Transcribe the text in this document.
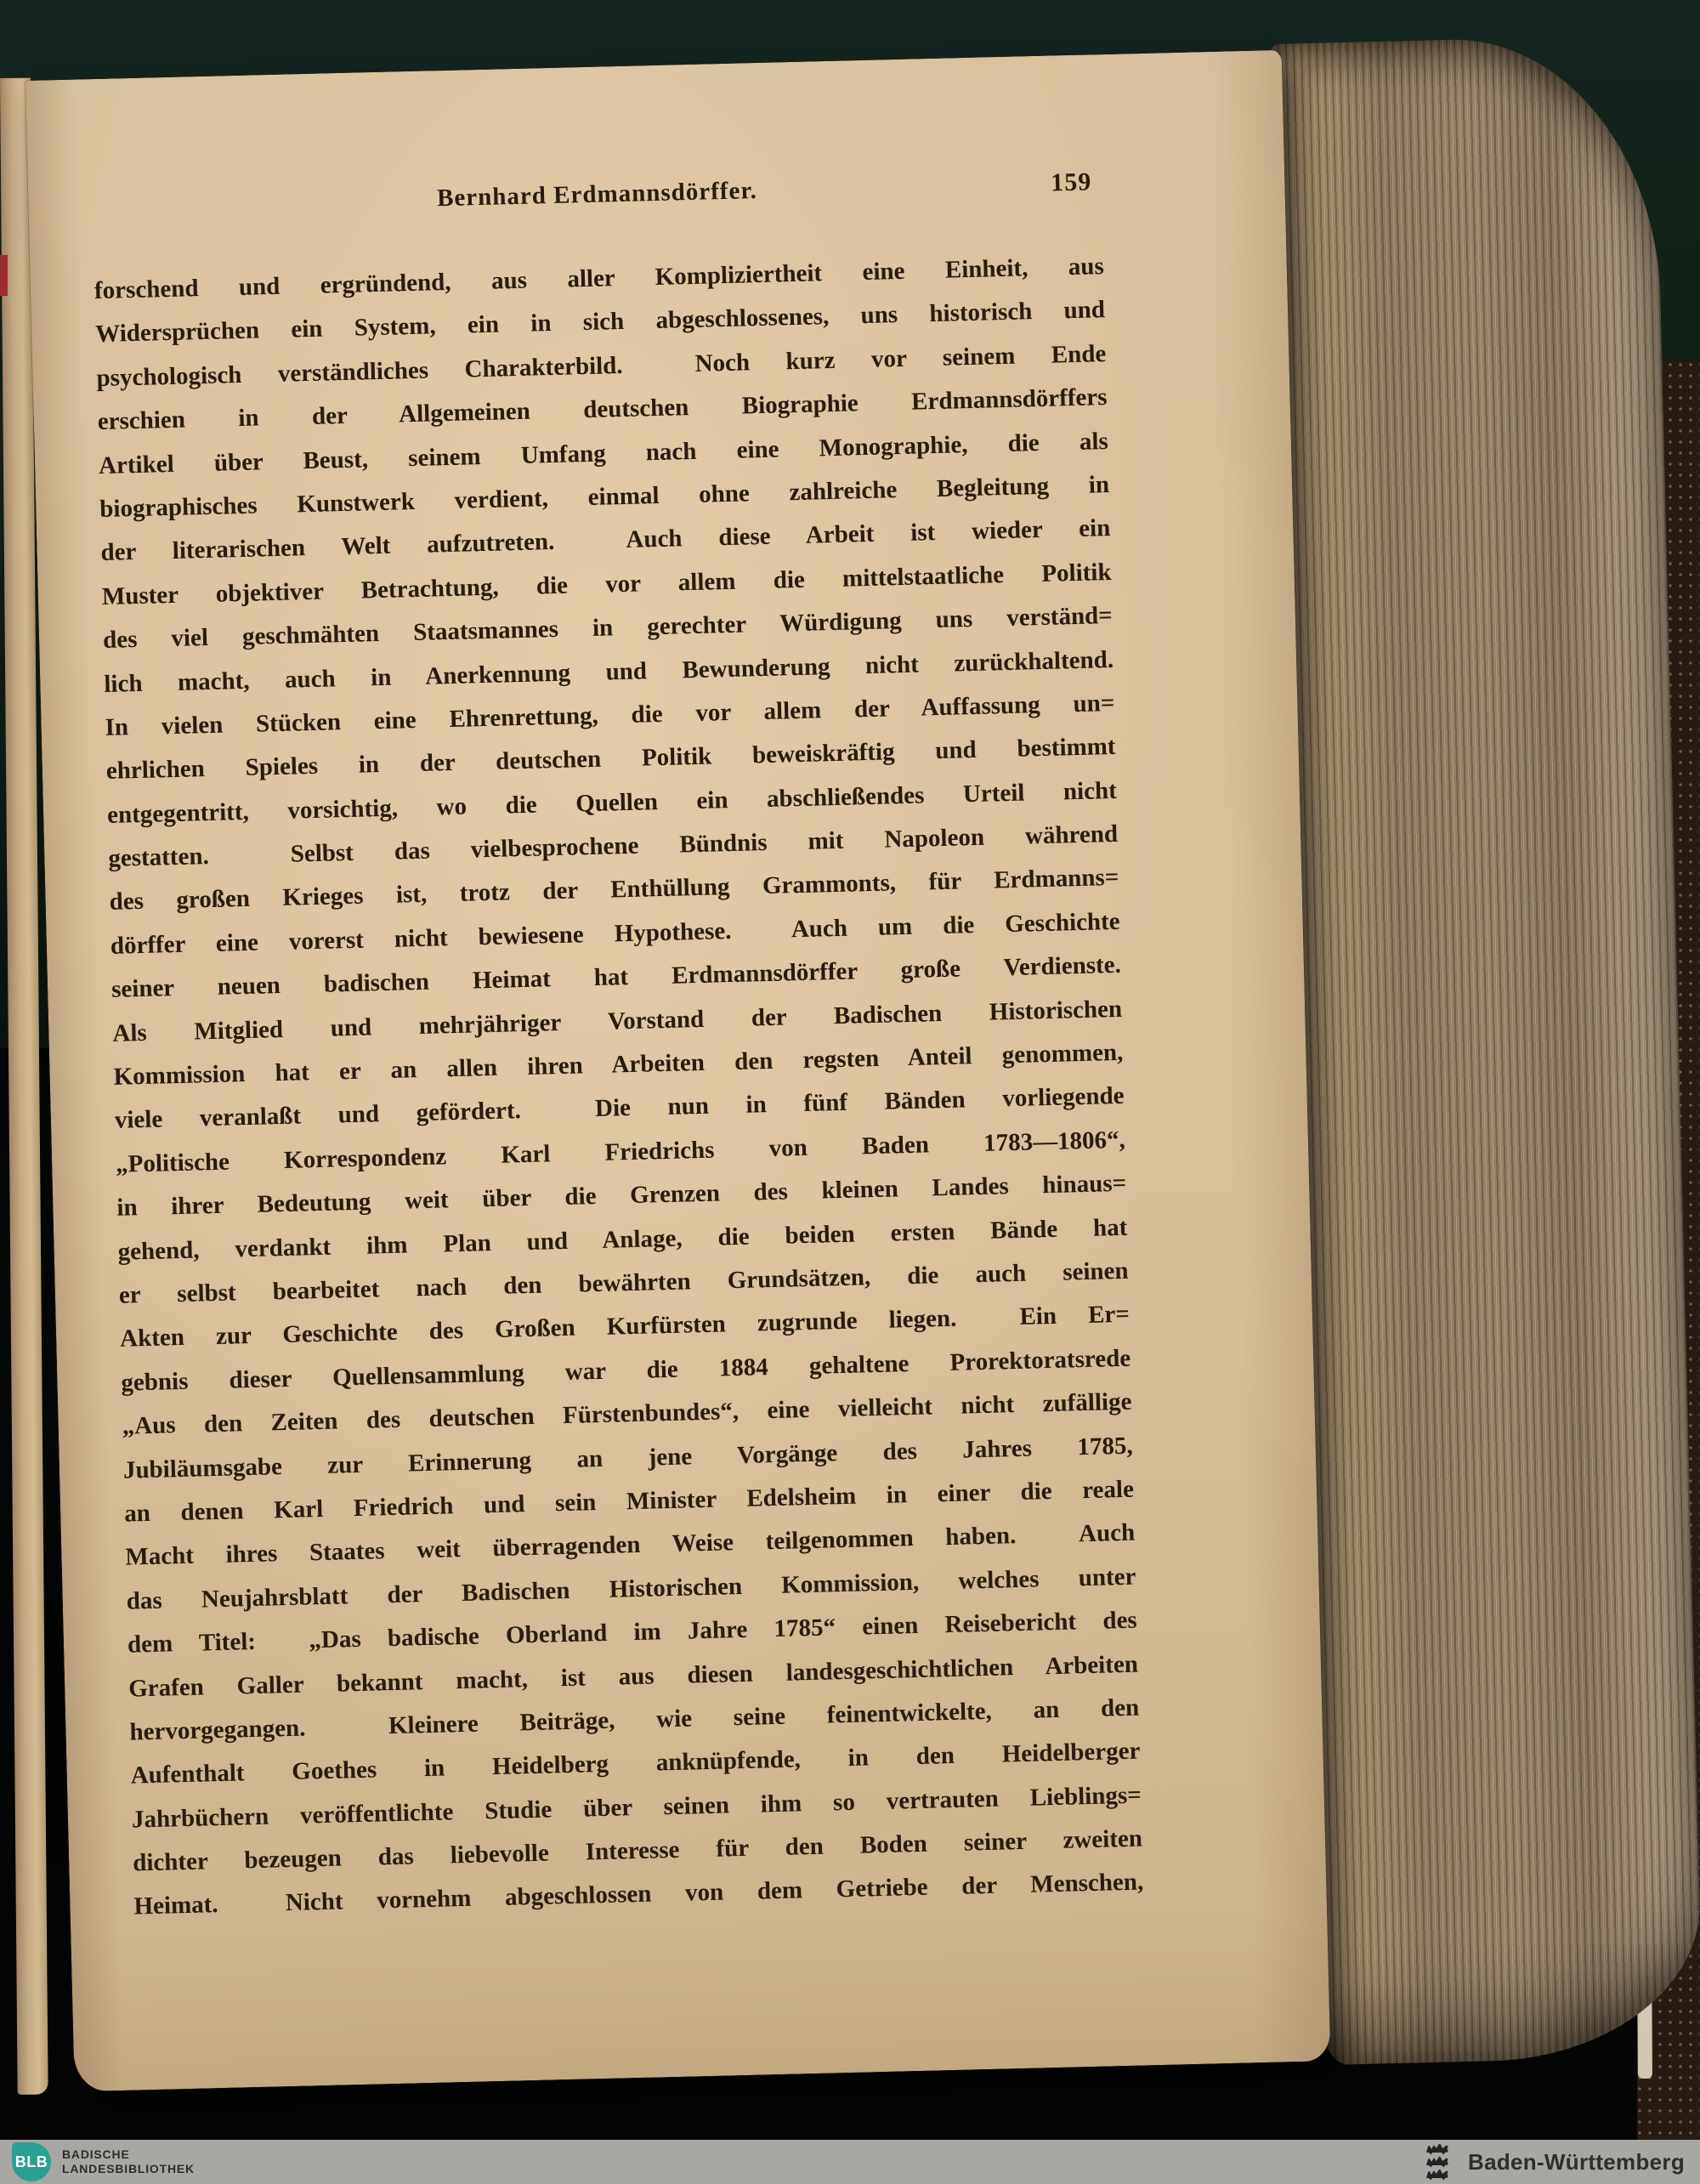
Bernhard Erdmannsdörffer.	159
forschend und ergründend, aus aller Kompliziertheit eine Einheit, aus
Widersprüchen ein System, ein in sich abgeschlossenes, uns historisch und
psychologisch verständliches Charakterbild.  Noch kurz vor seinem Ende
erschien in der Allgemeinen deutschen Biographie Erdmannsdörffers
Artikel über Beust, seinem Umfang nach eine Monographie, die als
biographisches Kunstwerk verdient, einmal ohne zahlreiche Begleitung in
der literarischen Welt aufzutreten.  Auch diese Arbeit ist wieder ein
Muster objektiver Betrachtung, die vor allem die mittelstaatliche Politik
des viel geschmähten Staatsmannes in gerechter Würdigung uns verständ=
lich macht, auch in Anerkennung und Bewunderung nicht zurückhaltend.
In vielen Stücken eine Ehrenrettung, die vor allem der Auffassung un=
ehrlichen Spieles in der deutschen Politik beweiskräftig und bestimmt
entgegentritt, vorsichtig, wo die Quellen ein abschließendes Urteil nicht
gestatten.  Selbst das vielbesprochene Bündnis mit Napoleon während
des großen Krieges ist, trotz der Enthüllung Grammonts, für Erdmanns=
dörffer eine vorerst nicht bewiesene Hypothese.  Auch um die Geschichte
seiner neuen badischen Heimat hat Erdmannsdörffer große Verdienste.
Als Mitglied und mehrjähriger Vorstand der Badischen Historischen
Kommission hat er an allen ihren Arbeiten den regsten Anteil genommen,
viele veranlaßt und gefördert.  Die nun in fünf Bänden vorliegende
„Politische Korrespondenz Karl Friedrichs von Baden 1783—1806“,
in ihrer Bedeutung weit über die Grenzen des kleinen Landes hinaus=
gehend, verdankt ihm Plan und Anlage, die beiden ersten Bände hat
er selbst bearbeitet nach den bewährten Grundsätzen, die auch seinen
Akten zur Geschichte des Großen Kurfürsten zugrunde liegen.  Ein Er=
gebnis dieser Quellensammlung war die 1884 gehaltene Prorektoratsrede
„Aus den Zeiten des deutschen Fürstenbundes“, eine vielleicht nicht zufällige
Jubiläumsgabe zur Erinnerung an jene Vorgänge des Jahres 1785,
an denen Karl Friedrich und sein Minister Edelsheim in einer die reale
Macht ihres Staates weit überragenden Weise teilgenommen haben.  Auch
das Neujahrsblatt der Badischen Historischen Kommission, welches unter
dem Titel:  „Das badische Oberland im Jahre 1785“ einen Reisebericht des
Grafen Galler bekannt macht, ist aus diesen landesgeschichtlichen Arbeiten
hervorgegangen.  Kleinere Beiträge, wie seine feinentwickelte, an den
Aufenthalt Goethes in Heidelberg anknüpfende, in den Heidelberger
Jahrbüchern veröffentlichte Studie über seinen ihm so vertrauten Lieblings=
dichter bezeugen das liebevolle Interesse für den Boden seiner zweiten
Heimat.  Nicht vornehm abgeschlossen von dem Getriebe der Menschen,
BLB BADISCHE
LANDESBIBLIOTHEK	Baden-Württemberg
